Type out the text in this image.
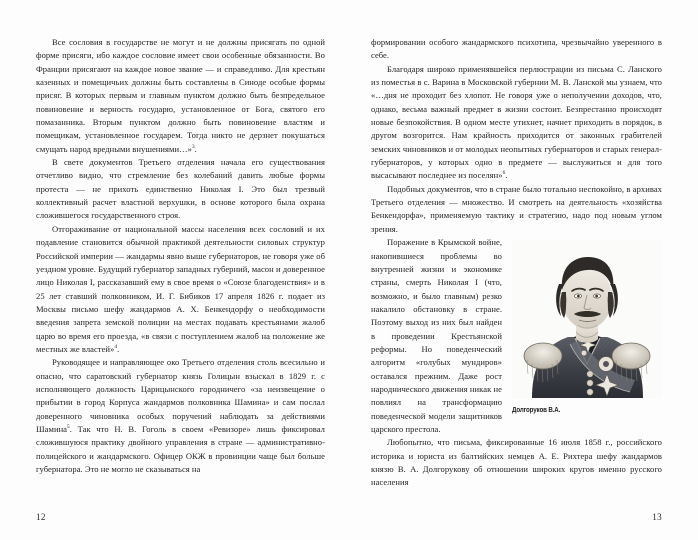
Все сословия в государстве не могут и не должны присягать по одной форме присяги, ибо каждое сословие имеет свои особенные обязанности. Во Франции присягают на каждое новое звание — и справедливо. Для крестьян казенных и помещичьих должны быть составлены в Синоде особые формы присяг. В которых первым и главным пунктом должно быть безпредельное повиновение и верность государю, установленное от Бога, святого его помазанника. Вторым пунктом должно быть повиновение властям и помещикам, установленное государем. Тогда никто не дерзнет покушаться смущать народ вредными внушениями…»$^3$.

В свете документов Третьего отделения начала его существования отчетливо видно, что стремление без колебаний давить любые формы протеста — не прихоть единственно Николая I. Это был трезвый коллективный расчет властной верхушки, в основе которого была охрана сложившегося государственного строя.

Отгораживание от национальной массы населения всех сословий и их подавление становится обычной практикой деятельности силовых структур Российской империи — жандармы явно выше губернаторов, не говоря уже об уездном уровне. Будущий губернатор западных губерний, масон и доверенное лицо Николая I, рассказавший ему в свое время о «Союзе благоденствия» и в 25 лет ставший полковником, И. Г. Бибиков 17 апреля 1826 г. подает из Москвы письмо шефу жандармов А. Х. Бенкендорфу о необходимости введения запрета земской полиции на местах подавать крестьянами жалоб царю во время его проезда, «в связи с поступлением жалоб на положение же местных же властей»$^4$.

Руководящее и направляющее око Третьего отделения столь всесильно и опасно, что саратовский губернатор князь Голицын взыскал в 1829 г. с исполняющего должность Царицынского городничего «за неизвещение о прибытии в город Корпуса жандармов полковника Шамина» и сам послал доверенного чиновника особых поручений наблюдать за действиями Шамина$^5$. Так что Н. В. Гоголь в своем «Ревизоре» лишь фиксировал сложившуюся практику двойного управления в стране — административно-полицейского и жандармского. Офицер ОКЖ в провинции чаще был больше губернатора. Это не могло не сказываться на

12

формировании особого жандармского психотипа, чрезвычайно уверенного в себе.

Благодаря широко применявшейся перлюстрации из письма С. Ланского из поместья в с. Варина в Московской губернии М. В. Ланской мы узнаем, что «…дня не проходит без хлопот. Не говоря уже о неполучении доходов, что, однако, весьма важный предмет в жизни состоит. Безпрестанно происходят новые безпокойствия. В одном месте утихнет, начнет приходить в порядок, в другом возгорится. Нам крайность приходится от законных грабителей земских чиновников и от молодых неопытных губернаторов и старых генерал-губернаторов, у которых одно в предмете — выслужиться и для того высасывают последнее из поселян»$^6$.

Подобных документов, что в стране было тотально неспокойно, в архивах Третьего отделения — множество. И смотреть на деятельность «хозяйства Бенкендорфа», применяемую тактику и стратегию, надо под новым углом зрения.

Долгоруков В.А.

Поражение в Крымской войне, накопившиеся проблемы во внутренней жизни и экономике страны, смерть Николая I (что, возможно, и было главным) резко накалило обстановку в стране. Поэтому выход из них был найден в проведении Крестьянской реформы. Но поведенческий алгоритм «голубых мундиров» оставался прежним. Даже рост народнического движения никак не повлиял на трансформацию поведенческой модели защитников царского престола.

Любопытно, что письма, фиксированные 16 июля 1858 г., российского историка и юриста из балтийских немцев А. Е. Рихтера шефу жандармов князю В. А. Долгорукову об отношении широких кругов именно русского населения

13
